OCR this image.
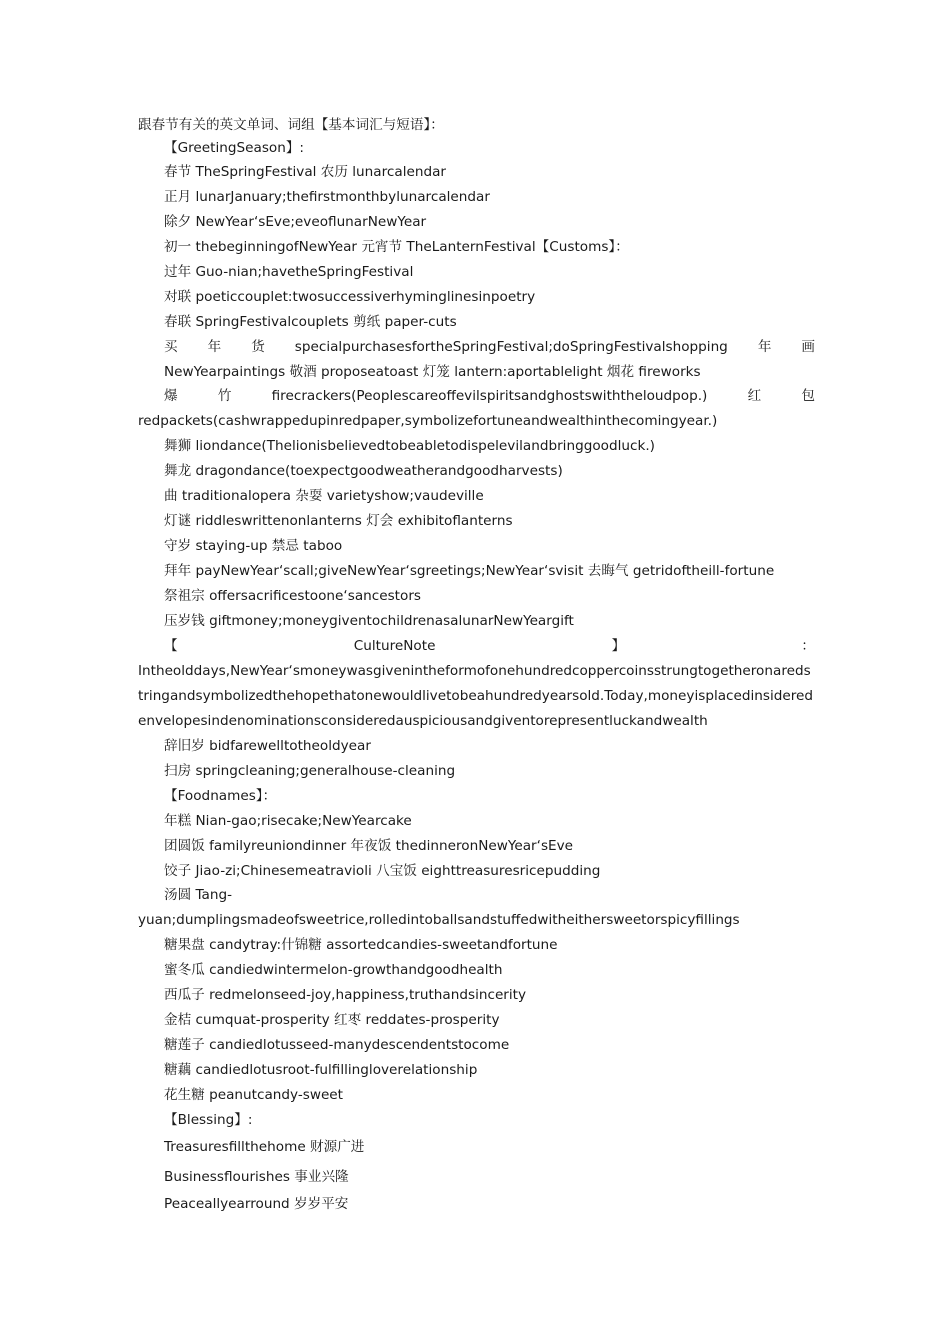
跟春节有关的英文单词、词组【基本词汇与短语】：
【GreetingSeason】:
春节 TheSpringFestival 农历 lunarcalendar
正月 lunarJanuary;thefirstmonthbylunarcalendar
除夕 NewYear‘sEve;eveoflunarNewYear
初一 thebeginningofNewYear 元宵节 TheLanternFestival【Customs】：
过年 Guo-nian;havetheSpringFestival
对联 poeticcouplet:twosuccessiverhyminglinesinpoetry
春联 SpringFestivalcouplets 剪纸 paper-cuts
买 年 货 specialpurchasesfortheSpringFestival;doSpringFestivalshopping 年 画
NewYearpaintings 敬酒 proposeatoast 灯笼 lantern:aportablelight 烟花 fireworks
爆	竹	firecrackers(Peoplescareoffevilspiritsandghostswiththeloudpop.)	红	包
redpackets(cashwrappedupinredpaper,symbolizefortuneandwealthinthecomingyear.)
舞狮 liondance(Thelionisbelievedtobeabletodispelevilandbringgoodluck.)
舞龙 dragondance(toexpectgoodweatherandgoodharvests)
曲 traditionalopera 杂耍 varietyshow;vaudeville
灯谜 riddleswrittenonlanterns 灯会 exhibitoflanterns
守岁 staying-up 禁忌 taboo
拜年 payNewYear‘scall;giveNewYear‘sgreetings;NewYear‘svisit 去晦气 getridoftheill-fortune
祭祖宗 offersacrificestoone‘sancestors
压岁钱 giftmoney;moneygiventochildrenasalunarNewYeargift
【	CultureNote	】	：
Intheolddays,NewYear‘smoneywasgivenintheformofonehundredcoppercoinsstrungtogetheronaredstringandsymbolizedthehopethatonewouldlivetobeahundredyearsold.Today,moneyisplacedinsideredenvelopesindenominationsconsideredauspiciousandgiventorepresentluckandwealth
辞旧岁 bidfarewelltotheoldyear
扫房 springcleaning;generalhouse-cleaning
【Foodnames】：
年糕 Nian-gao;risecake;NewYearcake
团圆饭 familyreuniondinner 年夜饭 thedinneronNewYear‘sEve
饺子 Jiao-zi;Chinesemeatravioli 八宝饭 eighttreasuresricepudding
汤圆 Tang-
yuan;dumplingsmadeofsweetrice,rolledintoballsandstuffedwitheithersweetorspicyfillings
糖果盘 candytray:什锦糖 assortedcandies-sweetandfortune
蜜冬瓜 candiedwintermelon-growthandgoodhealth
西瓜子 redmelonseed-joy,happiness,truthandsincerity
金桔 cumquat-prosperity 红枣 reddates-prosperity
糖莲子 candiedlotusseed-manydescendentstocome
糖藕 candiedlotusroot-fulfillingloverelationship
花生糖 peanutcandy-sweet
【Blessing】:
Treasuresfillthehome 财源广进
Businessflourishes 事业兴隆
Peaceallyearround 岁岁平安
